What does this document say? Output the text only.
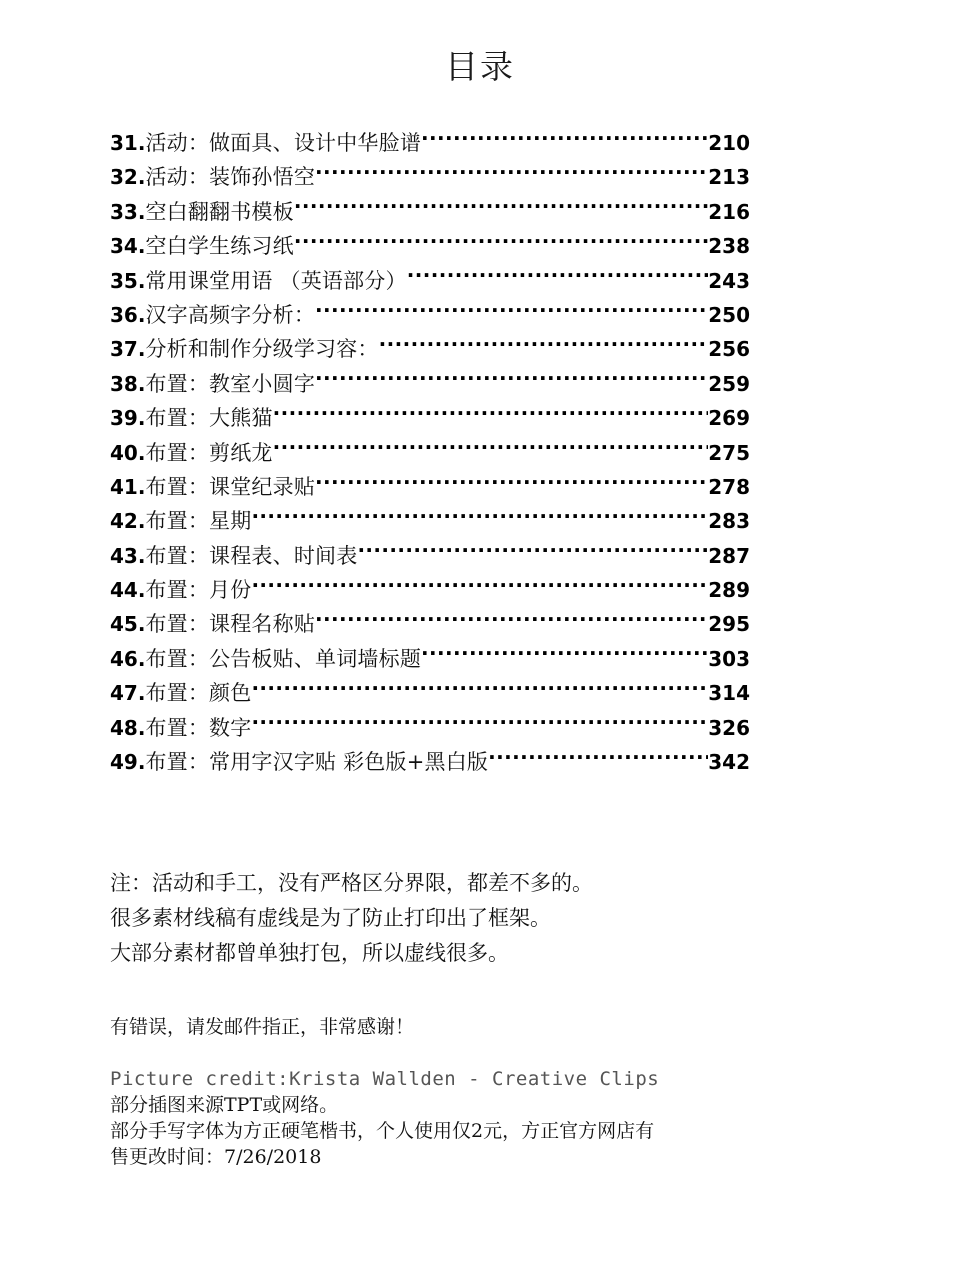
目录
31. 活动：做面具、设计中华脸谱 .....	210
32. 活动：装饰孙悟空 .....	213
33. 空白翻翻书模板 .....	216
34. 空白学生练习纸 .....	238
35. 常用课堂用语 （英语部分） .....	243
36. 汉字高频字分析： .....	250
37. 分析和制作分级学习容： .....	256
38. 布置：教室小圆字 .....	259
39. 布置：大熊猫 .....	269
40. 布置：剪纸龙 .....	275
41. 布置：课堂纪录贴 .....	278
42. 布置：星期 .....	283
43. 布置：课程表、时间表 .....	287
44. 布置：月份 .....	289
45. 布置：课程名称贴 .....	295
46. 布置：公告板贴、单词墙标题 .....	303
47. 布置：颜色 .....	314
48. 布置：数字 .....	326
49. 布置：常用字汉字贴 彩色版+黑白版 .....	342
注：活动和手工，没有严格区分界限，都差不多的。
很多素材线稿有虚线是为了防止打印出了框架。
大部分素材都曾单独打包，所以虚线很多。
有错误，请发邮件指正，非常感谢！
Picture credit:Krista Wallden - Creative Clips
部分插图来源TPT或网络。
部分手写字体为方正硬笔楷书，个人使用仅2元，方正官方网店有
售更改时间：7/26/2018
